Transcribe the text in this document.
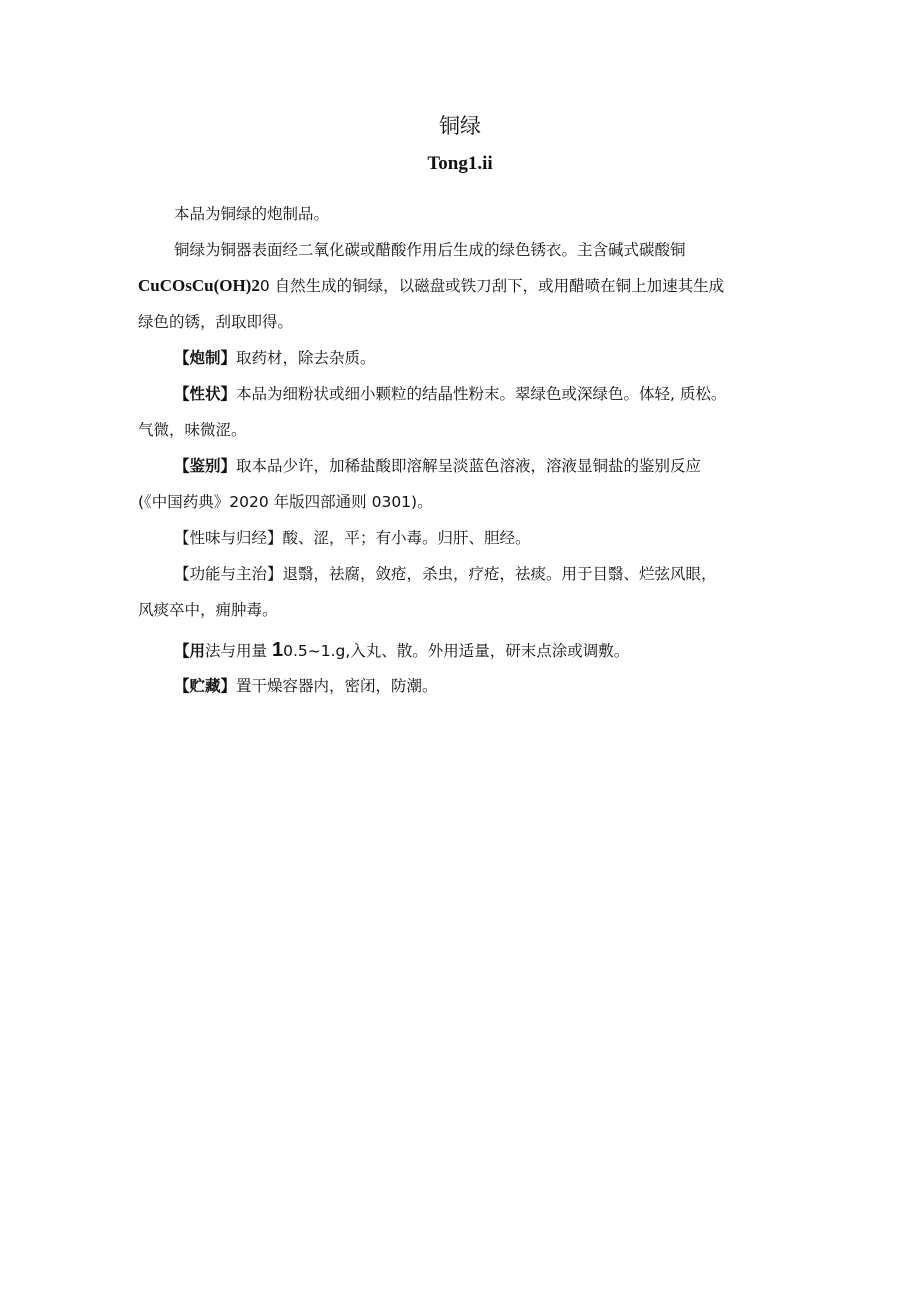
铜绿
Tong1.ii
本品为铜绿的炮制品。
铜绿为铜器表面经二氧化碳或醋酸作用后生成的绿色锈衣。主含碱式碳酸铜
CuCOsCu(OH)20 自然生成的铜绿，以磁盘或铁刀刮下，或用醋喷在铜上加速其生成
绿色的锈，刮取即得。
【炮制】取药材，除去杂质。
【性状】本品为细粉状或细小颗粒的结晶性粉末。翠绿色或深绿色。体轻, 质松。
气微，味微涩。
【鉴别】取本品少许，加稀盐酸即溶解呈淡蓝色溶液，溶液显铜盐的鉴别反应
(《中国药典》2020 年版四部通则 0301)。
【性味与归经】酸、涩，平；有小毒。归肝、胆经。
【功能与主治】退翳，祛腐，敛疮，杀虫，疗疮，祛痰。用于目翳、烂弦风眼，
风痰卒中，痈肿毒。
【用法与用量 10.5~1.g,入丸、散。外用适量，研末点涂或调敷。
【贮藏】置干燥容器内，密闭，防潮。
